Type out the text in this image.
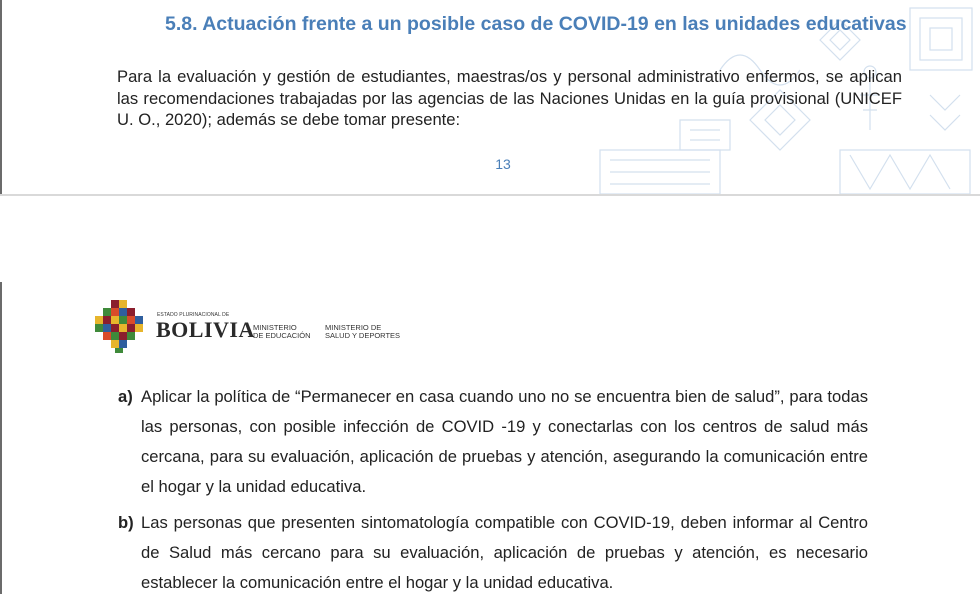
5.8. Actuación frente a un posible caso de COVID-19 en las unidades educativas

Para la evaluación y gestión de estudiantes, maestras/os y personal administrativo enfermos, se aplican las recomendaciones trabajadas por las agencias de las Naciones Unidas en la guía provisional (UNICEF U. O., 2020); además se debe tomar presente:

13
ESTADO PLURINACIONAL DE
BOLIVIA
MINISTERIO
DE EDUCACIÓN
MINISTERIO DE
SALUD Y DEPORTES
a) Aplicar la política de “Permanecer en casa cuando uno no se encuentra bien de salud”, para todas las personas, con posible infección de COVID -19 y conectarlas con los centros de salud más cercana, para su evaluación, aplicación de pruebas y atención, asegurando la comunicación entre el hogar y la unidad educativa.
b) Las personas que presenten sintomatología compatible con COVID-19, deben informar al Centro de Salud más cercano para su evaluación, aplicación de pruebas y atención, es necesario establecer la comunicación entre el hogar y la unidad educativa.
